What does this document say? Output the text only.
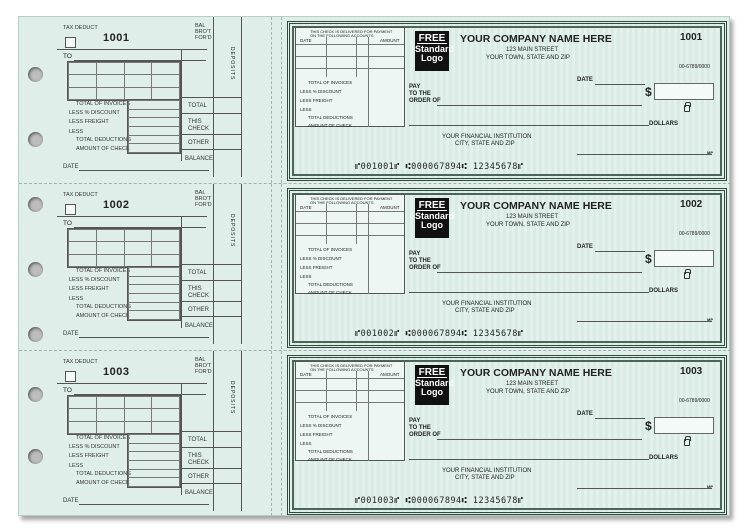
TAX DEDUCT
1001
BAL
BRO'T
FOR'D
TO

TOTAL OF INVOICES
LESS % DISCOUNT
LESS FREIGHT
LESS
TOTAL DEDUCTIONS
AMOUNT OF CHECK

TOTAL
THIS
CHECK
OTHER
BALANCE
DEPOSITS
DATE
THIS CHECK IS DELIVERED FOR PAYMENT
ON THE FOLLOWING ACCOUNTS
DATE	AMOUNT
TOTAL OF INVOICES
LESS % DISCOUNT
LESS FREIGHT
LESS
TOTAL DEDUCTIONS
AMOUNT OF CHECK
FREE
Standard
Logo
YOUR COMPANY NAME HERE
123 MAIN STREET
YOUR TOWN, STATE AND ZIP
1001
00-6789/0000
DATE
PAY
TO THE
ORDER OF
$
DOLLARS
YOUR FINANCIAL INSTITUTION
CITY, STATE AND ZIP
MP
⑈001001⑈ ⑆000067894⑆ 12345678⑈
TAX DEDUCT
1002
BAL
BRO'T
FOR'D
TO

TOTAL OF INVOICES
LESS % DISCOUNT
LESS FREIGHT
LESS
TOTAL DEDUCTIONS
AMOUNT OF CHECK

TOTAL
THIS
CHECK
OTHER
BALANCE
DEPOSITS
DATE
THIS CHECK IS DELIVERED FOR PAYMENT
ON THE FOLLOWING ACCOUNTS
DATE	AMOUNT
TOTAL OF INVOICES
LESS % DISCOUNT
LESS FREIGHT
LESS
TOTAL DEDUCTIONS
AMOUNT OF CHECK
FREE
Standard
Logo
YOUR COMPANY NAME HERE
123 MAIN STREET
YOUR TOWN, STATE AND ZIP
1002
00-6789/0000
DATE
PAY
TO THE
ORDER OF
$
DOLLARS
YOUR FINANCIAL INSTITUTION
CITY, STATE AND ZIP
MP
⑈001002⑈ ⑆000067894⑆ 12345678⑈
TAX DEDUCT
1003
BAL
BRO'T
FOR'D
TO

TOTAL OF INVOICES
LESS % DISCOUNT
LESS FREIGHT
LESS
TOTAL DEDUCTIONS
AMOUNT OF CHECK

TOTAL
THIS
CHECK
OTHER
BALANCE
DEPOSITS
DATE
THIS CHECK IS DELIVERED FOR PAYMENT
ON THE FOLLOWING ACCOUNTS
DATE	AMOUNT
TOTAL OF INVOICES
LESS % DISCOUNT
LESS FREIGHT
LESS
TOTAL DEDUCTIONS
AMOUNT OF CHECK
FREE
Standard
Logo
YOUR COMPANY NAME HERE
123 MAIN STREET
YOUR TOWN, STATE AND ZIP
1003
00-6789/0000
DATE
PAY
TO THE
ORDER OF
$
DOLLARS
YOUR FINANCIAL INSTITUTION
CITY, STATE AND ZIP
MP
⑈001003⑈ ⑆000067894⑆ 12345678⑈
